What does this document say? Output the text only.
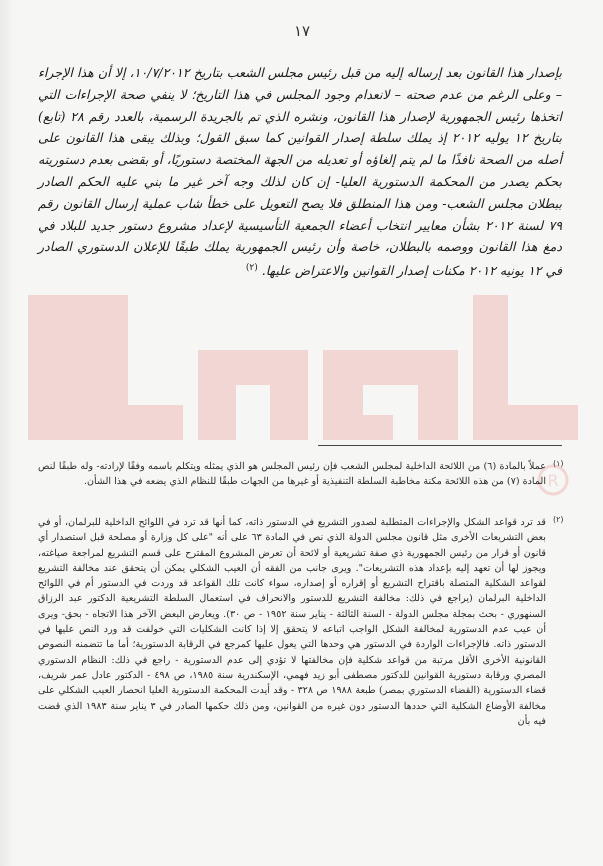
R
١٧

بإصدار هذا القانون بعد إرساله إليه من قبل رئيس مجلس الشعب بتاريخ ١٠/٧/٢٠١٢، إلا أن هذا الإجراء – وعلى الرغم من عدم صحته – لانعدام وجود المجلس في هذا التاريخ؛ لا ينفي صحة الإجراءات التي اتخذها رئيس الجمهورية لإصدار هذا القانون، ونشره الذي تم بالجريدة الرسمية، بالعدد رقم ٢٨ (تابع) بتاريخ ١٢ يوليه ٢٠١٢ إذ يملك سلطة إصدار القوانين كما سبق القول؛ وبذلك يبقى هذا القانون على أصله من الصحة نافذًا ما لم يتم إلغاؤه أو تعديله من الجهة المختصة دستوريًا، أو بقضى بعدم دستوريته بحكم يصدر من المحكمة الدستورية العليا- إن كان لذلك وجه آخر غير ما بني عليه الحكم الصادر ببطلان مجلس الشعب- ومن هذا المنطلق فلا يصح التعويل على خطأ شاب عملية إرسال القانون رقم ٧٩ لسنة ٢٠١٢ بشأن معايير انتخاب أعضاء الجمعية التأسيسية لإعداد مشروع دستور جديد للبلاد في دمغ هذا القانون ووصمه بالبطلان، خاصة وأن رئيس الجمهورية يملك طبقًا للإعلان الدستوري الصادر في ١٢ يونيه ٢٠١٢ مكنات إصدار القوانين والاعتراض عليها. $^{(٢)}$

(١)
عملاً بالمادة (٦) من اللائحة الداخلية لمجلس الشعب فإن رئيس المجلس هو الذي يمثله ويتكلم باسمه وفقًا لإرادته- وله طبقًا لنص المادة (٧) من هذه اللائحة مكنة مخاطبة السلطة التنفيذية أو غيرها من الجهات طبقًا للنظام الذي يضعه في هذا الشأن.
(٢)
قد ترد قواعد الشكل والإجراءات المتطلبة لصدور التشريع في الدستور ذاته، كما أنها قد ترد في اللوائح الداخلية للبرلمان، أو في بعض التشريعات الأخرى مثل قانون مجلس الدولة الذي نص في المادة ٦٣ على أنه "على كل وزارة أو مصلحة قبل استصدار أي قانون أو قرار من رئيس الجمهورية ذي صفة تشريعية أو لائحة أن تعرض المشروع المقترح على قسم التشريع لمراجعة صياغته، ويجوز لها أن تعهد إليه بإعداد هذه التشريعات". ويرى جانب من الفقه أن العيب الشكلي يمكن أن يتحقق عند مخالفة التشريع لقواعد الشكلية المتصلة باقتراح التشريع أو إقراره أو إصداره، سواء كانت تلك القواعد قد وردت في الدستور أم في اللوائح الداخلية البرلمان (يراجع في ذلك: مخالفة التشريع للدستور والانحراف في استعمال السلطة التشريعية الدكتور عبد الرزاق السنهوري - بحث بمجلة مجلس الدولة - السنة الثالثة - يناير سنة ١٩٥٢ - ص ٣٠). ويعارض البعض الآخر هذا الاتجاه - بحق- ويرى أن عيب عدم الدستورية لمخالفة الشكل الواجب اتباعه لا يتحقق إلا إذا كانت الشكليات التي خولفت قد ورد النص عليها في الدستور ذاته. فالإجراءات الواردة في الدستور هي وحدها التي يعول عليها كمرجع في الرقابة الدستورية؛ أما ما تتضمنه النصوص القانونية الأخرى الأقل مرتبة من قواعد شكلية فإن مخالفتها لا تؤدي إلى عدم الدستورية - راجع في ذلك: النظام الدستوري المصري ورقابة دستورية القوانين للدكتور مصطفى أبو زيد فهمي، الإسكندرية سنة ١٩٨٥، ص ٤٩٨ - الدكتور عادل عمر شريف، قضاء الدستورية (القضاء الدستوري بمصر) طبعة ١٩٨٨ ص ٣٢٨ - وقد أيدت المحكمة الدستورية العليا انحصار العيب الشكلي على مخالفة الأوضاع الشكلية التي حددها الدستور دون غيره من القوانين، ومن ذلك حكمها الصادر في ٣ يناير سنة ١٩٨٣ الذي قضت فيه بأن
